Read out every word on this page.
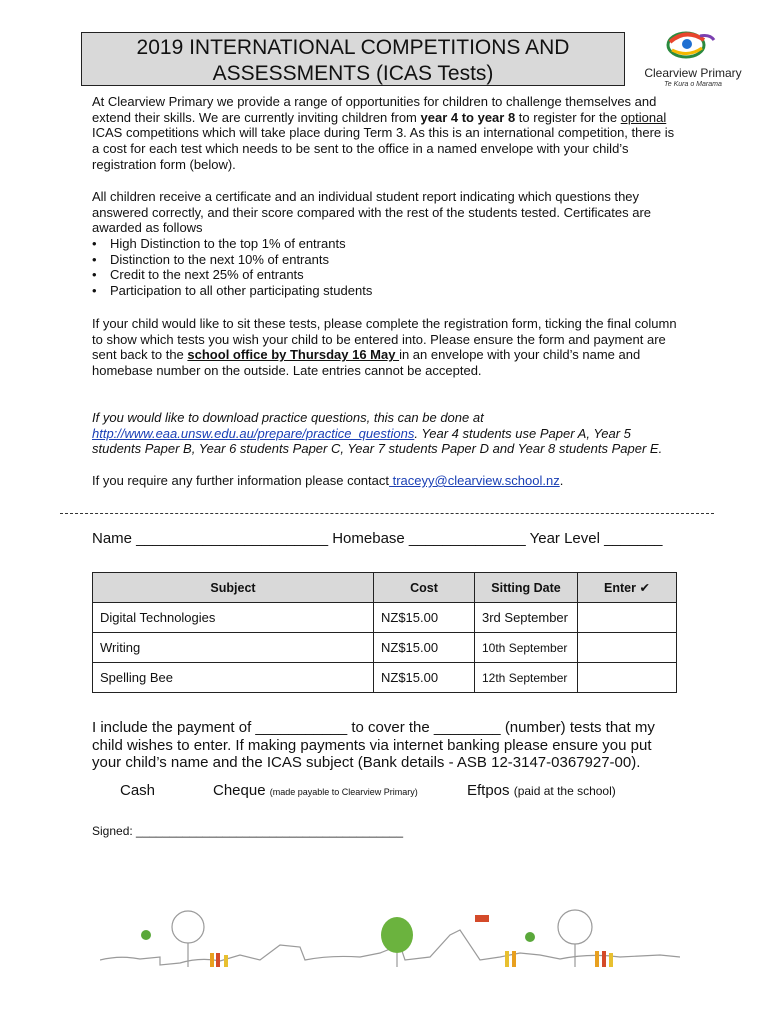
2019 INTERNATIONAL COMPETITIONS AND
ASSESSMENTS (ICAS Tests)	Clearview Primary
Te Kura o Marama

At Clearview Primary we provide a range of opportunities for children to challenge themselves and extend their skills. We are currently inviting children from year 4 to year 8 to register for the optional ICAS competitions which will take place during Term 3. As this is an international competition, there is a cost for each test which needs to be sent to the office in a named envelope with your child’s registration form (below).

All children receive a certificate and an individual student report indicating which questions they answered correctly, and their score compared with the rest of the students tested. Certificates are awarded as follows

• High Distinction to the top 1% of entrants
• Distinction to the next 10% of entrants
• Credit to the next 25% of entrants
• Participation to all other participating students

If your child would like to sit these tests, please complete the registration form, ticking the final column to show which tests you wish your child to be entered into. Please ensure the form and payment are sent back to the school office by Thursday 16 May in an envelope with your child’s name and homebase number on the outside. Late entries cannot be accepted.

If you would like to download practice questions, this can be done at http://www.eaa.unsw.edu.au/prepare/practice_questions. Year 4 students use Paper A, Year 5 students Paper B, Year 6 students Paper C, Year 7 students Paper D and Year 8 students Paper E.

If you require any further information please contact traceyy@clearview.school.nz.

Name _______________________ Homebase ______________ Year Level _______
Subject	Cost	Sitting Date	Enter ✔
Digital Technologies	NZ$15.00	3rd September	
Writing	NZ$15.00	10th September	
Spelling Bee	NZ$15.00	12th September	

I include the payment of ___________ to cover the ________ (number) tests that my child wishes to enter. If making payments via internet banking please ensure you put your child’s name and the ICAS subject (Bank details - ASB 12-3147-0367927-00).

Cash	Cheque (made payable to Clearview Primary)	Eftpos (paid at the school)
Signed: ________________________________________
